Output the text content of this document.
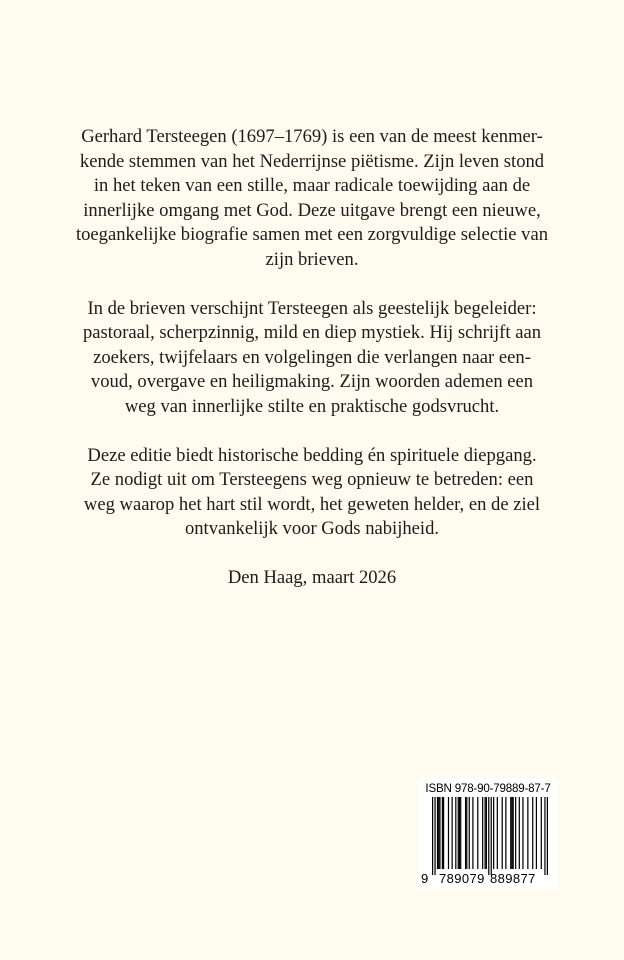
Gerhard Tersteegen (1697–1769) is een van de meest kenmer-
kende stemmen van het Nederrijnse piëtisme. Zijn leven stond
in het teken van een stille, maar radicale toewijding aan de
innerlijke omgang met God. Deze uitgave brengt een nieuwe,
toegankelijke biografie samen met een zorgvuldige selectie van
zijn brieven.

In de brieven verschijnt Tersteegen als geestelijk begeleider:
pastoraal, scherpzinnig, mild en diep mystiek. Hij schrijft aan
zoekers, twijfelaars en volgelingen die verlangen naar een-
voud, overgave en heiligmaking. Zijn woorden ademen een
weg van innerlijke stilte en praktische godsvrucht.

Deze editie biedt historische bedding én spirituele diepgang.
Ze nodigt uit om Tersteegens weg opnieuw te betreden: een
weg waarop het hart stil wordt, het geweten helder, en de ziel
ontvankelijk voor Gods nabijheid.

Den Haag, maart 2026

ISBN 978-90-79889-87-7
9 789079 889877
